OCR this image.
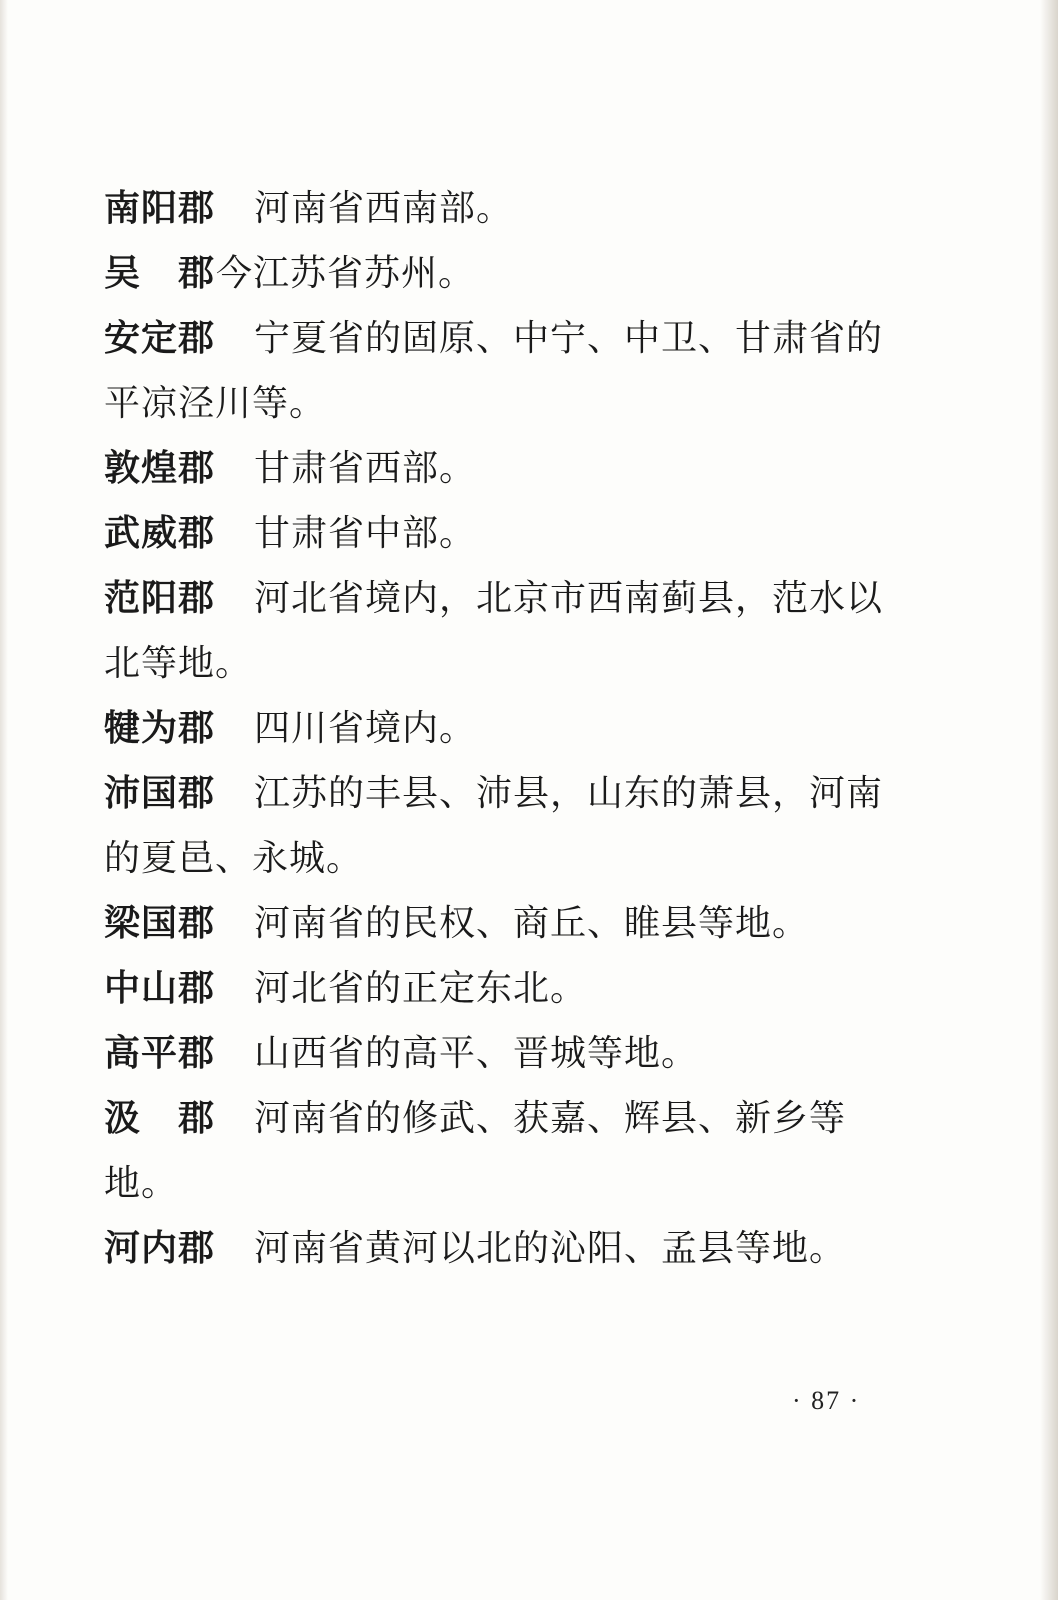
南阳郡 河南省西南部。

吴　郡今江苏省苏州。

安定郡 宁夏省的固原、中宁、中卫、甘肃省的平凉泾川等。

敦煌郡 甘肃省西部。

武威郡 甘肃省中部。

范阳郡 河北省境内，北京市西南蓟县，范水以北等地。

犍为郡 四川省境内。

沛国郡 江苏的丰县、沛县，山东的萧县，河南的夏邑、永城。

梁国郡 河南省的民权、商丘、睢县等地。

中山郡 河北省的正定东北。

高平郡 山西省的高平、晋城等地。

汲　郡 河南省的修武、获嘉、辉县、新乡等地。

河内郡 河南省黄河以北的沁阳、孟县等地。

· 87 ·
